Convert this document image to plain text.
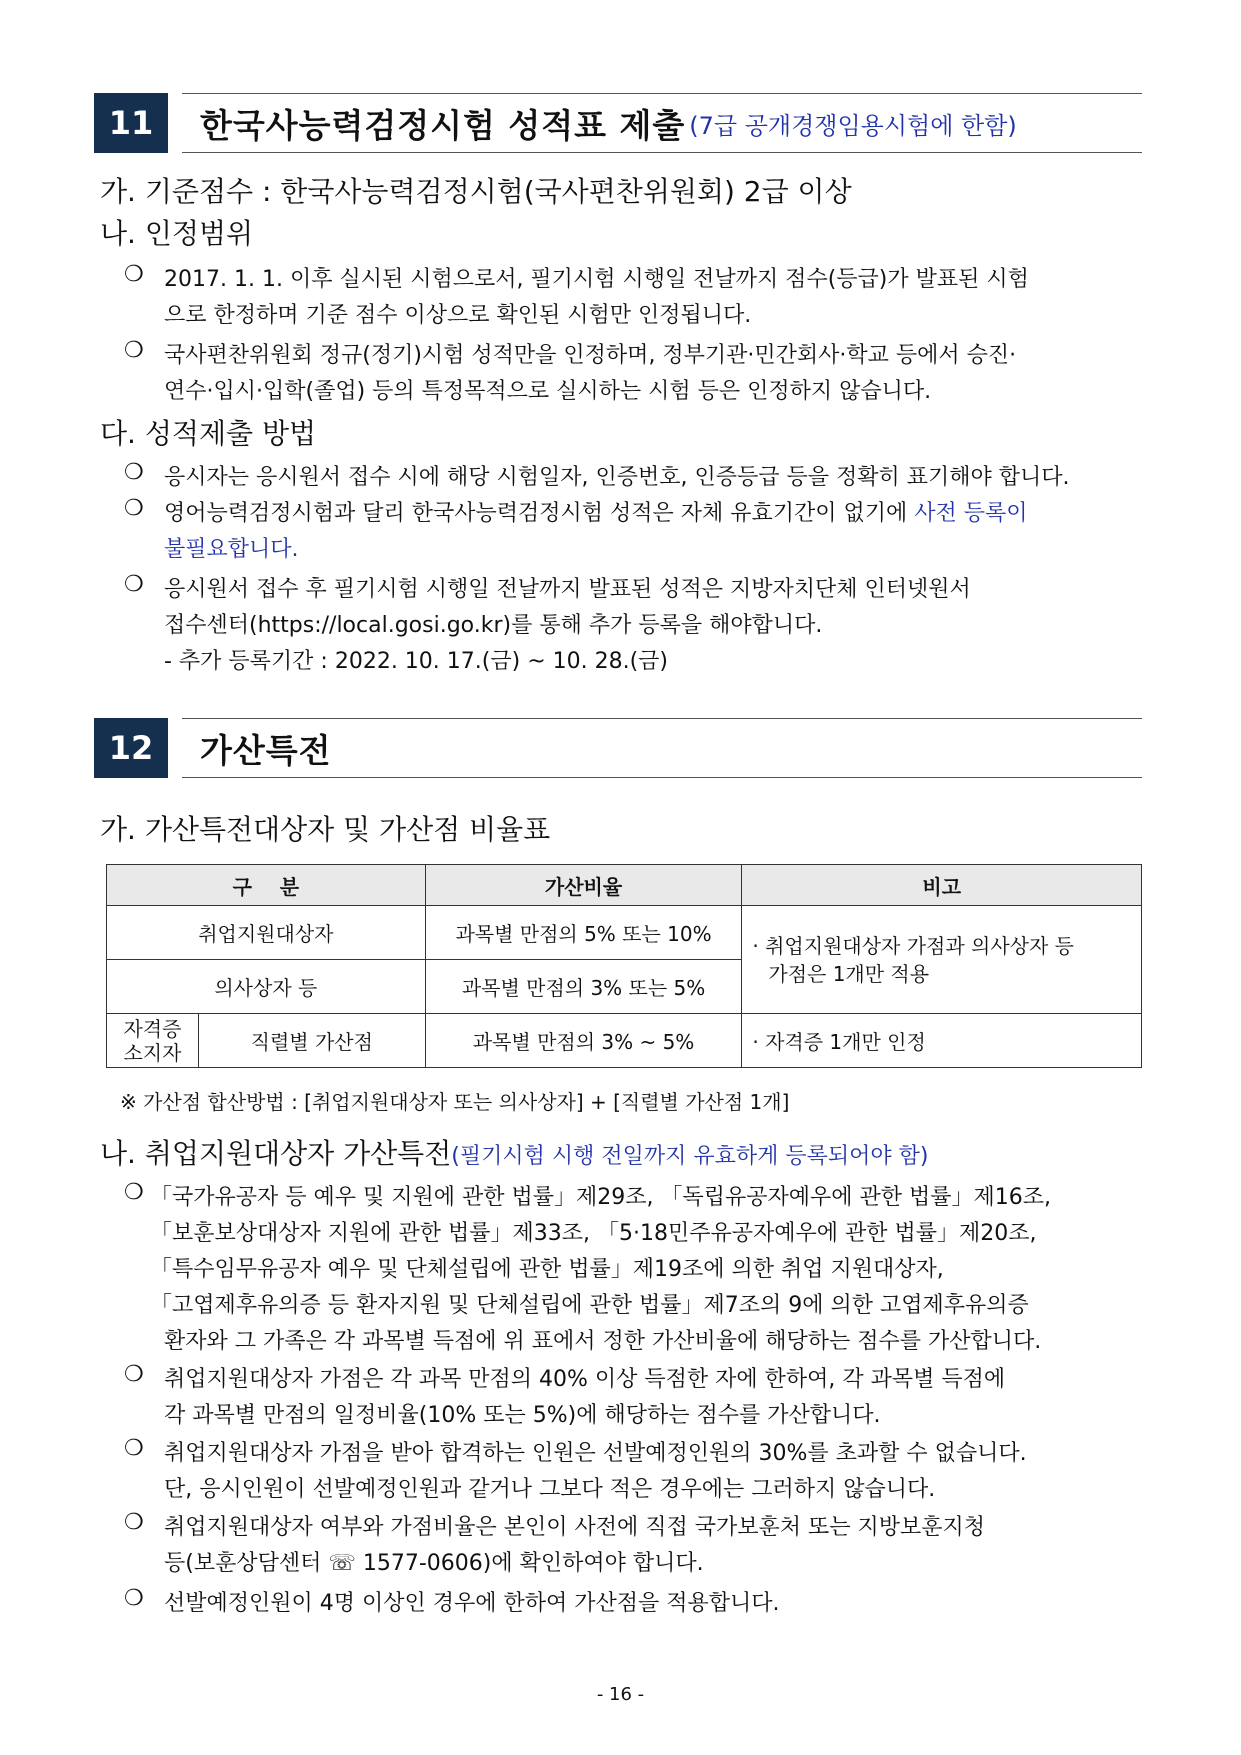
11	한국사능력검정시험 성적표 제출 (7급 공개경쟁임용시험에 한함)
가. 기준점수 : 한국사능력검정시험(국사편찬위원회) 2급 이상
나. 인정범위
❍ 2017. 1. 1. 이후 실시된 시험으로서, 필기시험 시행일 전날까지 점수(등급)가 발표된 시험
으로 한정하며 기준 점수 이상으로 확인된 시험만 인정됩니다.
❍ 국사편찬위원회 정규(정기)시험 성적만을 인정하며, 정부기관·민간회사·학교 등에서 승진·
연수·입시·입학(졸업) 등의 특정목적으로 실시하는 시험 등은 인정하지 않습니다.
다. 성적제출 방법
❍ 응시자는 응시원서 접수 시에 해당 시험일자, 인증번호, 인증등급 등을 정확히 표기해야 합니다.
❍ 영어능력검정시험과 달리 한국사능력검정시험 성적은 자체 유효기간이 없기에 사전 등록이
불필요합니다.
❍ 응시원서 접수 후 필기시험 시행일 전날까지 발표된 성적은 지방자치단체 인터넷원서
접수센터(https://local.gosi.go.kr)를 통해 추가 등록을 해야합니다.
- 추가 등록기간 : 2022. 10. 17.(금) ~ 10. 28.(금)
12	가산특전
가. 가산특전대상자 및 가산점 비율표
구    분		가산비율	비고
취업지원대상자		과목별 만점의 5% 또는 10%	· 취업지원대상자 가점과 의사상자 등
가점은 1개만 적용

의사상자 등		과목별 만점의 3% 또는 5%	

자격증
소지자	직렬별 가산점	과목별 만점의 3% ~ 5%	· 자격증 1개만 인정
※ 가산점 합산방법 : [취업지원대상자 또는 의사상자] + [직렬별 가산점 1개]
나. 취업지원대상자 가산특전(필기시험 시행 전일까지 유효하게 등록되어야 함)
❍ 「국가유공자 등 예우 및 지원에 관한 법률」제29조, 「독립유공자예우에 관한 법률」제16조,
「보훈보상대상자 지원에 관한 법률」제33조, 「5·18민주유공자예우에 관한 법률」제20조,
「특수임무유공자 예우 및 단체설립에 관한 법률」제19조에 의한 취업 지원대상자,
「고엽제후유의증 등 환자지원 및 단체설립에 관한 법률」제7조의 9에 의한 고엽제후유의증
환자와 그 가족은 각 과목별 득점에 위 표에서 정한 가산비율에 해당하는 점수를 가산합니다.
❍ 취업지원대상자 가점은 각 과목 만점의 40% 이상 득점한 자에 한하여, 각 과목별 득점에
각 과목별 만점의 일정비율(10% 또는 5%)에 해당하는 점수를 가산합니다.
❍ 취업지원대상자 가점을 받아 합격하는 인원은 선발예정인원의 30%를 초과할 수 없습니다.
단, 응시인원이 선발예정인원과 같거나 그보다 적은 경우에는 그러하지 않습니다.
❍ 취업지원대상자 여부와 가점비율은 본인이 사전에 직접 국가보훈처 또는 지방보훈지청
등(보훈상담센터 ☏ 1577-0606)에 확인하여야 합니다.
❍ 선발예정인원이 4명 이상인 경우에 한하여 가산점을 적용합니다.
- 16 -
